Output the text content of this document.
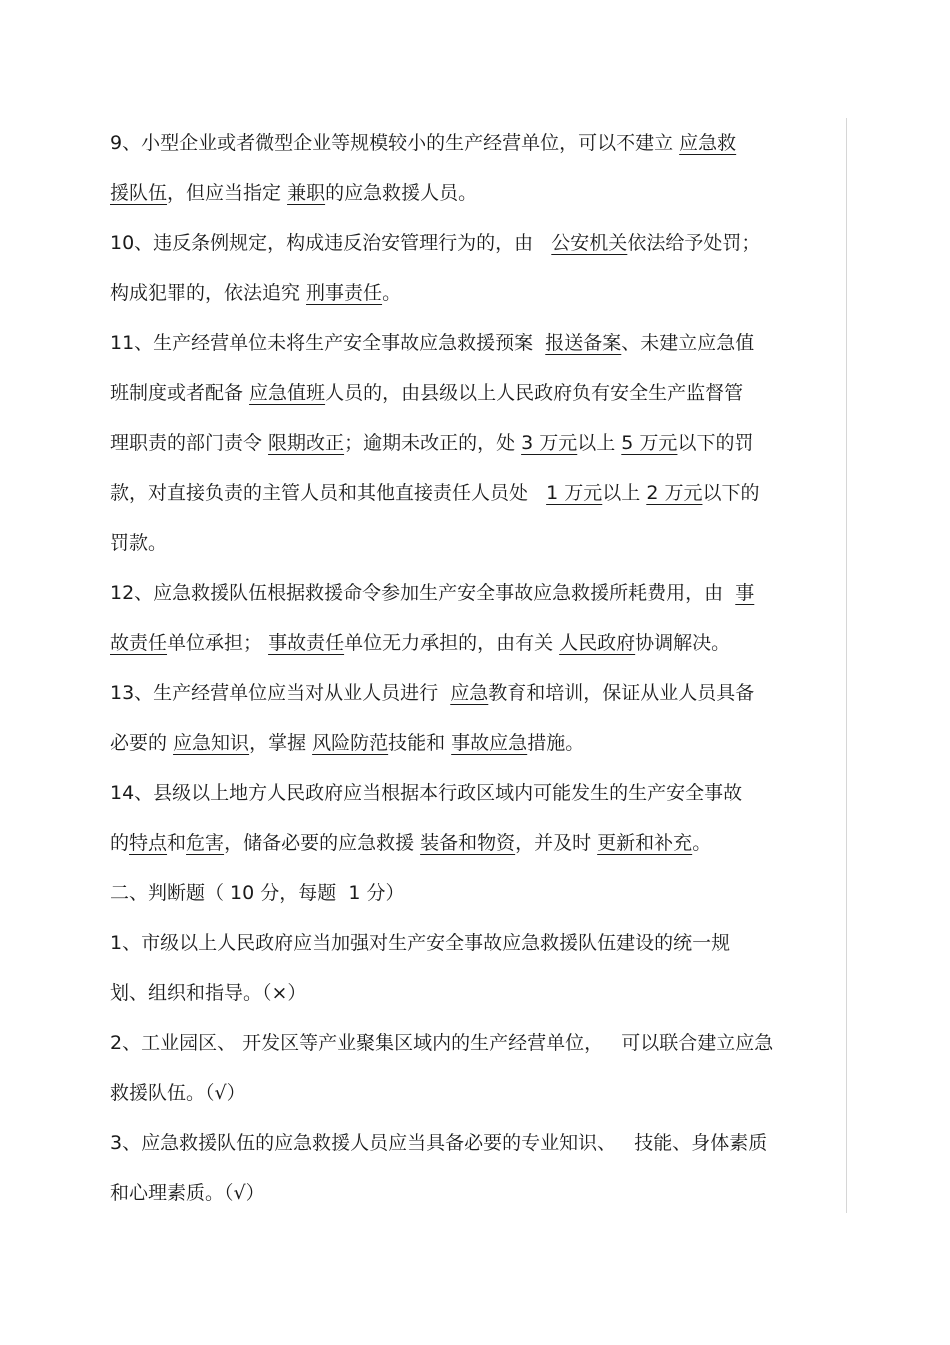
9、小型企业或者微型企业等规模较小的生产经营单位，可以不建立 应急救
援队伍，但应当指定 兼职的应急救援人员。
10、违反条例规定，构成违反治安管理行为的，由   公安机关依法给予处罚；
构成犯罪的，依法追究 刑事责任。
11、生产经营单位未将生产安全事故应急救援预案  报送备案、未建立应急值
班制度或者配备 应急值班人员的，由县级以上人民政府负有安全生产监督管
理职责的部门责令 限期改正；逾期未改正的，处 3 万元以上 5 万元以下的罚
款，对直接负责的主管人员和其他直接责任人员处   1 万元以上 2 万元以下的
罚款。
12、应急救援队伍根据救援命令参加生产安全事故应急救援所耗费用，由  事
故责任单位承担； 事故责任单位无力承担的，由有关 人民政府协调解决。
13、生产经营单位应当对从业人员进行  应急教育和培训，保证从业人员具备
必要的 应急知识，掌握 风险防范技能和 事故应急措施。
14、县级以上地方人民政府应当根据本行政区域内可能发生的生产安全事故
的特点和危害，储备必要的应急救援 装备和物资，并及时 更新和补充。
二、判断题（ 10 分，每题  1 分）
1、市级以上人民政府应当加强对生产安全事故应急救援队伍建设的统一规
划、组织和指导。（×）
2、工业园区、 开发区等产业聚集区域内的生产经营单位，   可以联合建立应急
救援队伍。（√）
3、应急救援队伍的应急救援人员应当具备必要的专业知识、   技能、身体素质
和心理素质。（√）
